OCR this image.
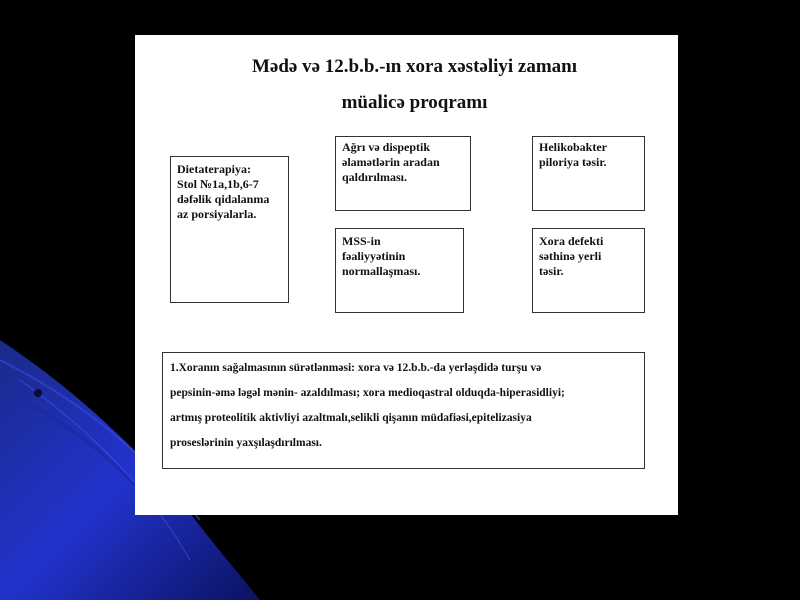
Mədə və 12.b.b.-ın xora xəstəliyi zamanı
müalicə proqramı
Dietaterapiya:
Stol №1a,1b,6-7
dəfəlik qidalanma
az porsiyalarla.
Ağrı və dispeptik
əlamətlərin aradan
qaldırılması.
Helikobakter
piloriya təsir.
MSS-in
fəaliyyətinin
normallaşması.
Xora defekti
səthinə yerli
təsir.
1.Xoranın sağalmasının sürətlənməsi: xora və 12.b.b.-da yerləşdidə turşu və
pepsinin-əmə ləgəl mənin- azaldılması; xora medioqastral olduqda-hiperasidliyi;
artmış proteolitik aktivliyi azaltmalı,selikli qişanın müdafiəsi,epitelizasiya
proseslərinin yaxşılaşdırılması.
